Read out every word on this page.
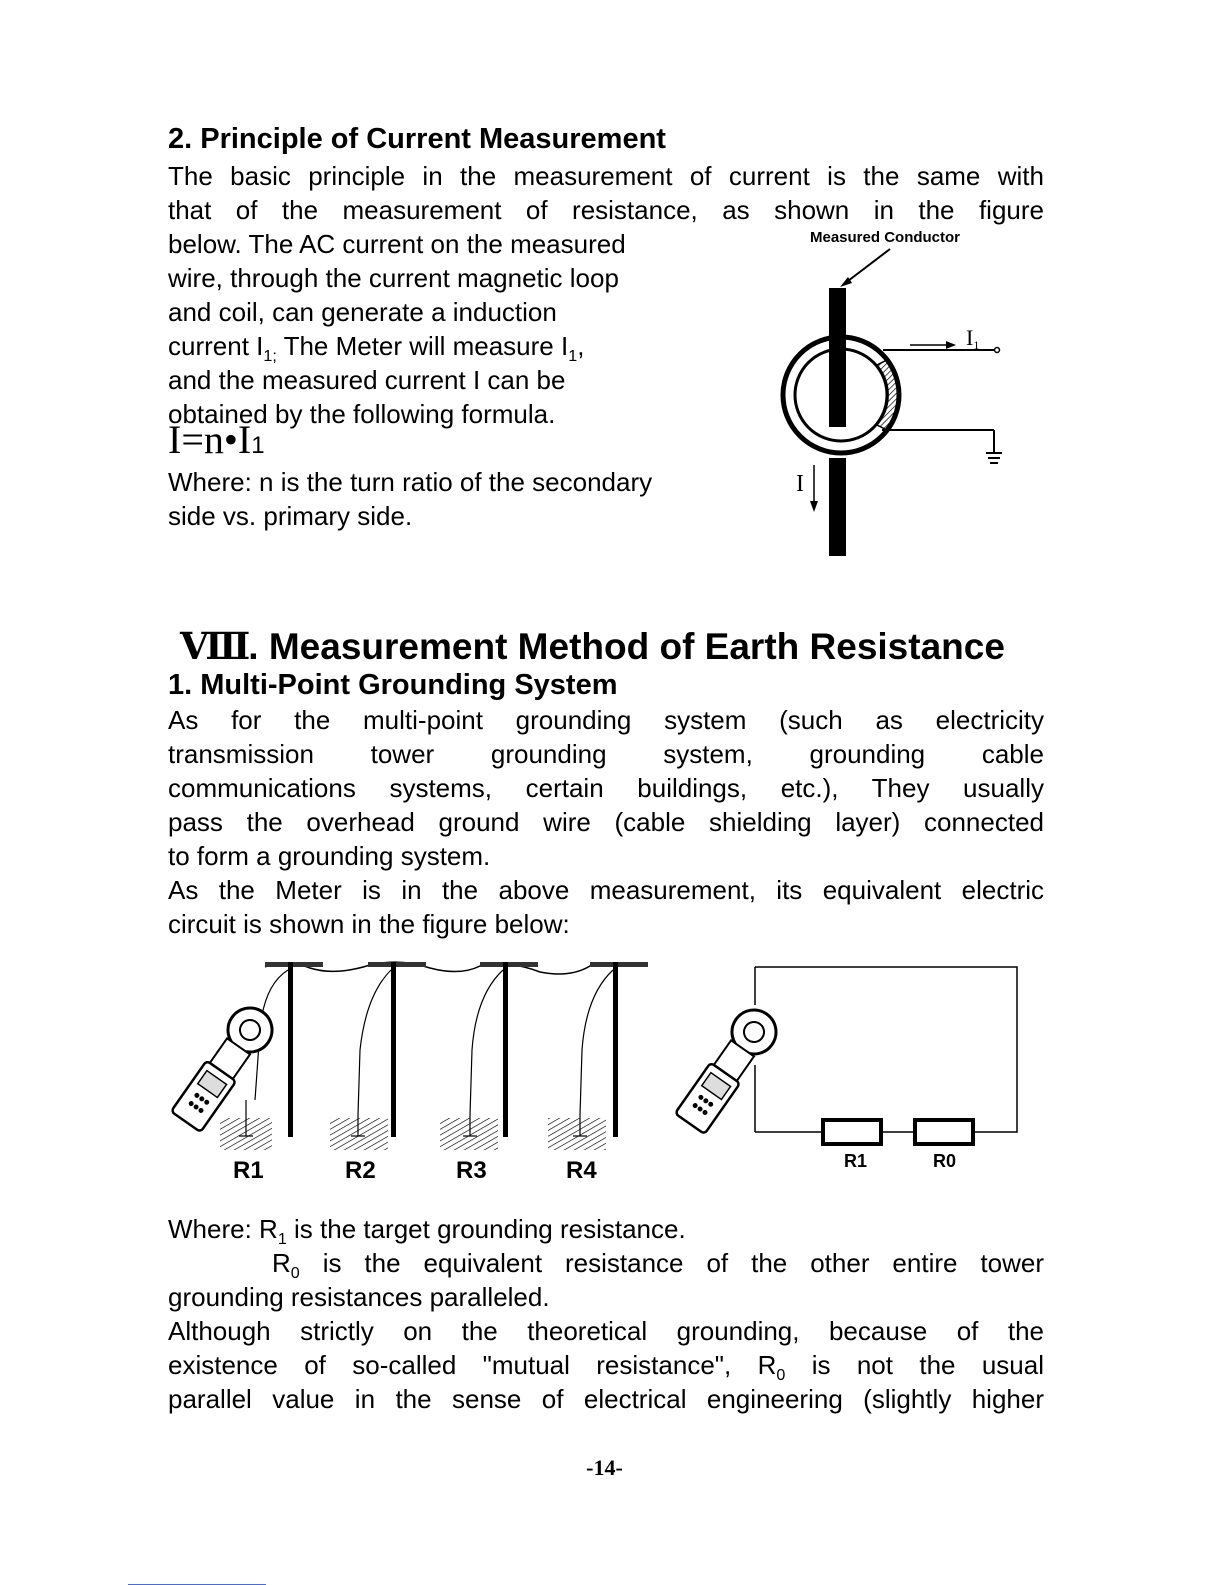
2. Principle of Current Measurement
The basic principle in the measurement of current is the same with
that of the measurement of resistance, as shown in the figure
below. The AC current on the measured
wire, through the current magnetic loop
and coil, can generate a induction
current $I_{1;}$ The Meter will measure $I_1$,
and the measured current I can be
obtained by the following formula.
I=n•I1
Where: n is the turn ratio of the secondary
side vs. primary side.
Measured Conductor
I1
I
Ⅷ. Measurement Method of Earth Resistance
1. Multi-Point Grounding System
As for the multi-point grounding system (such as electricity
transmission tower grounding system, grounding cable
communications systems, certain buildings, etc.), They usually
pass the overhead ground wire (cable shielding layer) connected
to form a grounding system.
As the Meter is in the above measurement, its equivalent electric
circuit is shown in the figure below:
R1	R2	R3	R4	R1	R0
Where: $R_1$ is the target grounding resistance.
$R_0$ is the equivalent resistance of the other entire tower
grounding resistances paralleled.
Although strictly on the theoretical grounding, because of the
existence of so-called "mutual resistance", $R_0$ is not the usual
parallel value in the sense of electrical engineering (slightly higher
-14-
